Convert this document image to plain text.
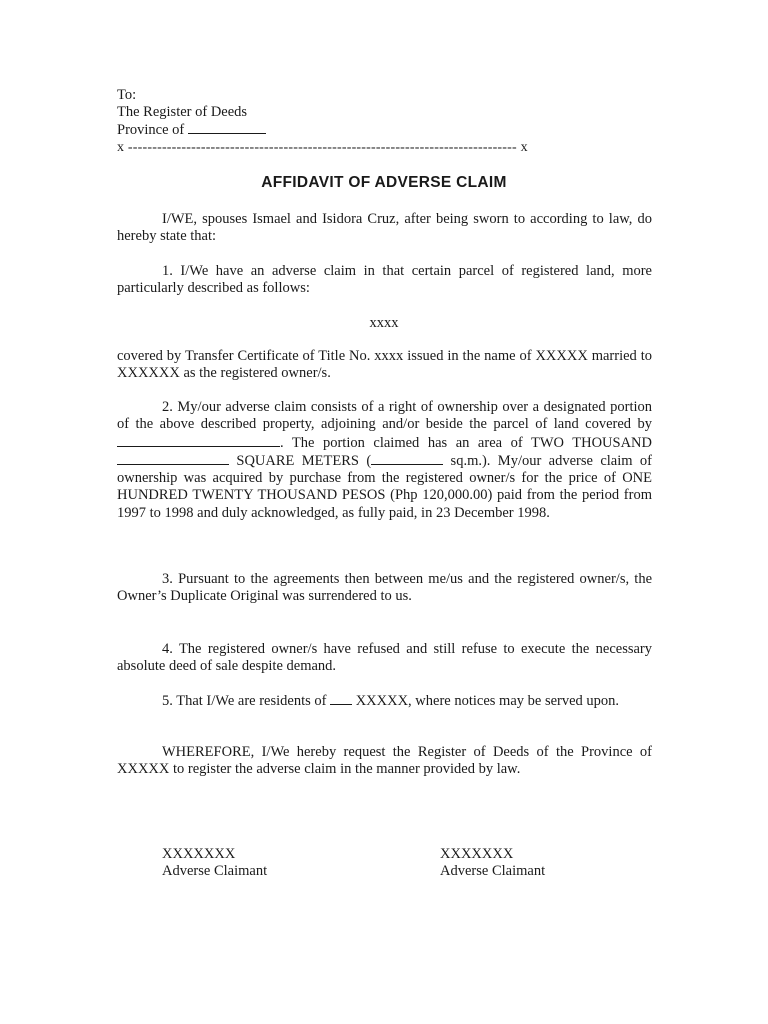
To:
The Register of Deeds
Province of
x -------------------------------------------------------------------------------- x
AFFIDAVIT OF ADVERSE CLAIM
I/WE, spouses Ismael and Isidora Cruz, after being sworn to according to law, do hereby state that:
1. I/We have an adverse claim in that certain parcel of registered land, more particularly described as follows:
xxxx
covered by Transfer Certificate of Title No. xxxx issued in the name of XXXXX married to XXXXXX as the registered owner/s.
2. My/our adverse claim consists of a right of ownership over a designated portion of the above described property, adjoining and/or beside the parcel of land covered by . The portion claimed has an area of TWO THOUSAND  SQUARE METERS (	sq.m.). My/our adverse claim of ownership was acquired by purchase from the registered owner/s for the price of ONE HUNDRED TWENTY THOUSAND PESOS (Php 120,000.00) paid from the period from 1997 to 1998 and duly acknowledged, as fully paid, in 23 December 1998.
3. Pursuant to the agreements then between me/us and the registered owner/s, the Owner’s Duplicate Original was surrendered to us.
4. The registered owner/s have refused and still refuse to execute the necessary absolute deed of sale despite demand.
5. That I/We are residents of XXXXX, where notices may be served upon.
WHEREFORE, I/We hereby request the Register of Deeds of the Province of XXXXX to register the adverse claim in the manner provided by law.
XXXXXXX
Adverse Claimant
XXXXXXX
Adverse Claimant
